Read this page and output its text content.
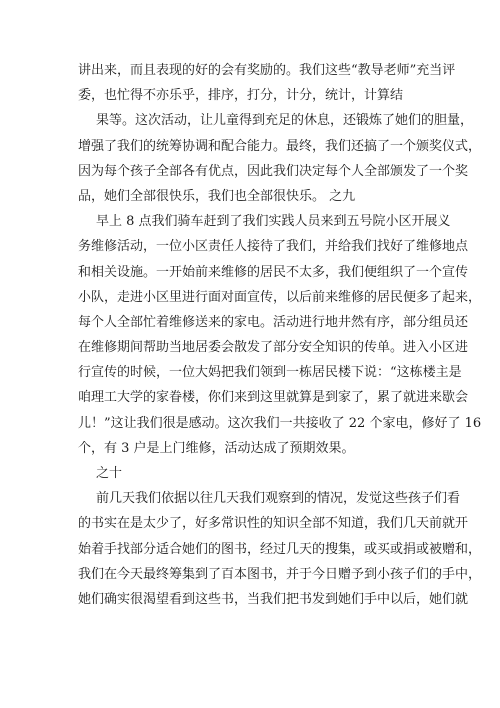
讲出来，而且表现的好的会有奖励的。我们这些“教导老师”充当评
委，也忙得不亦乐乎，排序，打分，计分，统计，计算结
果等。这次活动，让儿童得到充足的休息，还锻炼了她们的胆量，
增强了我们的统筹协调和配合能力。最终，我们还搞了一个颁奖仪式，
因为每个孩子全部各有优点，因此我们决定每个人全部颁发了一个奖
品，她们全部很快乐，我们也全部很快乐。 之九
早上 8 点我们骑车赶到了我们实践人员来到五号院小区开展义
务维修活动，一位小区责任人接待了我们，并给我们找好了维修地点
和相关设施。一开始前来维修的居民不太多，我们便组织了一个宣传
小队，走进小区里进行面对面宣传，以后前来维修的居民便多了起来，
每个人全部忙着维修送来的家电。活动进行地井然有序，部分组员还
在维修期间帮助当地居委会散发了部分安全知识的传单。进入小区进
行宣传的时候，一位大妈把我们领到一栋居民楼下说：“这栋楼主是
咱理工大学的家眷楼，你们来到这里就算是到家了，累了就进来歇会
儿！”这让我们很是感动。这次我们一共接收了 22 个家电，修好了 16
个，有 3 户是上门维修，活动达成了预期效果。
之十
前几天我们依据以往几天我们观察到的情况，发觉这些孩子们看
的书实在是太少了，好多常识性的知识全部不知道，我们几天前就开
始着手找部分适合她们的图书，经过几天的搜集，或买或捐或被赠和，
我们在今天最终筹集到了百本图书，并于今日赠予到小孩子们的手中，
她们确实很渴望看到这些书，当我们把书发到她们手中以后，她们就
